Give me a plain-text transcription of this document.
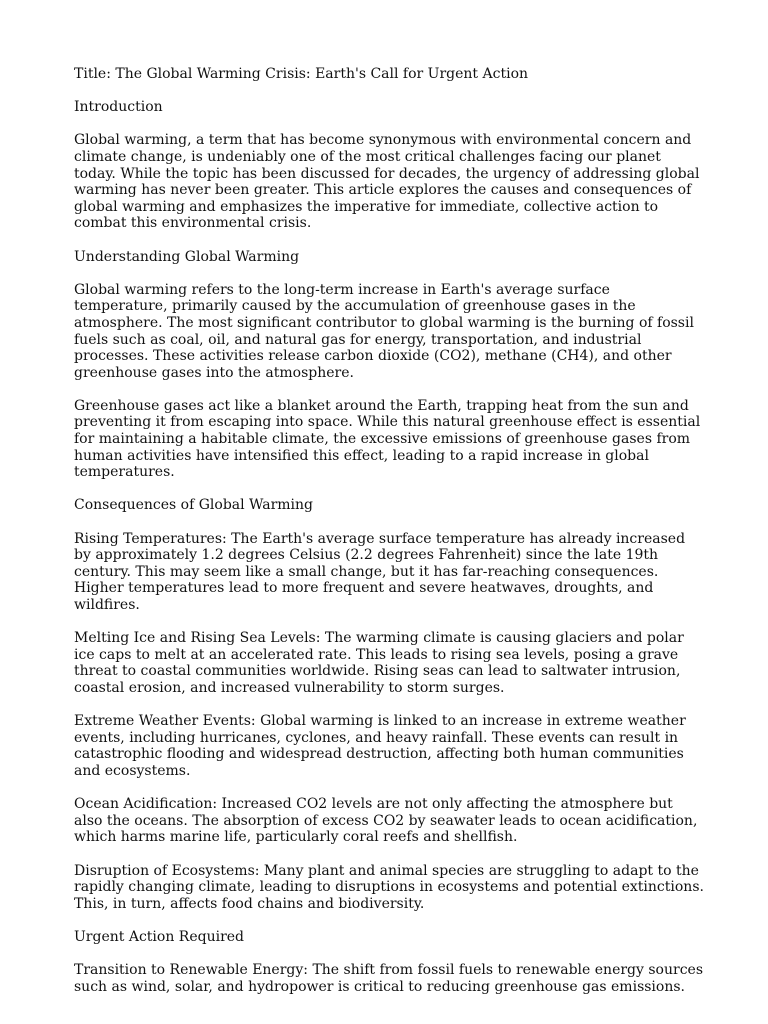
Title: The Global Warming Crisis: Earth's Call for Urgent Action

Introduction

Global warming, a term that has become synonymous with environmental concern and climate change, is undeniably one of the most critical challenges facing our planet today. While the topic has been discussed for decades, the urgency of addressing global warming has never been greater. This article explores the causes and consequences of global warming and emphasizes the imperative for immediate, collective action to combat this environmental crisis.

Understanding Global Warming

Global warming refers to the long-term increase in Earth's average surface temperature, primarily caused by the accumulation of greenhouse gases in the atmosphere. The most significant contributor to global warming is the burning of fossil fuels such as coal, oil, and natural gas for energy, transportation, and industrial processes. These activities release carbon dioxide (CO2), methane (CH4), and other greenhouse gases into the atmosphere.

Greenhouse gases act like a blanket around the Earth, trapping heat from the sun and preventing it from escaping into space. While this natural greenhouse effect is essential for maintaining a habitable climate, the excessive emissions of greenhouse gases from human activities have intensified this effect, leading to a rapid increase in global temperatures.

Consequences of Global Warming

Rising Temperatures: The Earth's average surface temperature has already increased by approximately 1.2 degrees Celsius (2.2 degrees Fahrenheit) since the late 19th century. This may seem like a small change, but it has far-reaching consequences. Higher temperatures lead to more frequent and severe heatwaves, droughts, and wildfires.

Melting Ice and Rising Sea Levels: The warming climate is causing glaciers and polar ice caps to melt at an accelerated rate. This leads to rising sea levels, posing a grave threat to coastal communities worldwide. Rising seas can lead to saltwater intrusion, coastal erosion, and increased vulnerability to storm surges.

Extreme Weather Events: Global warming is linked to an increase in extreme weather events, including hurricanes, cyclones, and heavy rainfall. These events can result in catastrophic flooding and widespread destruction, affecting both human communities and ecosystems.

Ocean Acidification: Increased CO2 levels are not only affecting the atmosphere but also the oceans. The absorption of excess CO2 by seawater leads to ocean acidification, which harms marine life, particularly coral reefs and shellfish.

Disruption of Ecosystems: Many plant and animal species are struggling to adapt to the rapidly changing climate, leading to disruptions in ecosystems and potential extinctions. This, in turn, affects food chains and biodiversity.

Urgent Action Required

Transition to Renewable Energy: The shift from fossil fuels to renewable energy sources such as wind, solar, and hydropower is critical to reducing greenhouse gas emissions.
